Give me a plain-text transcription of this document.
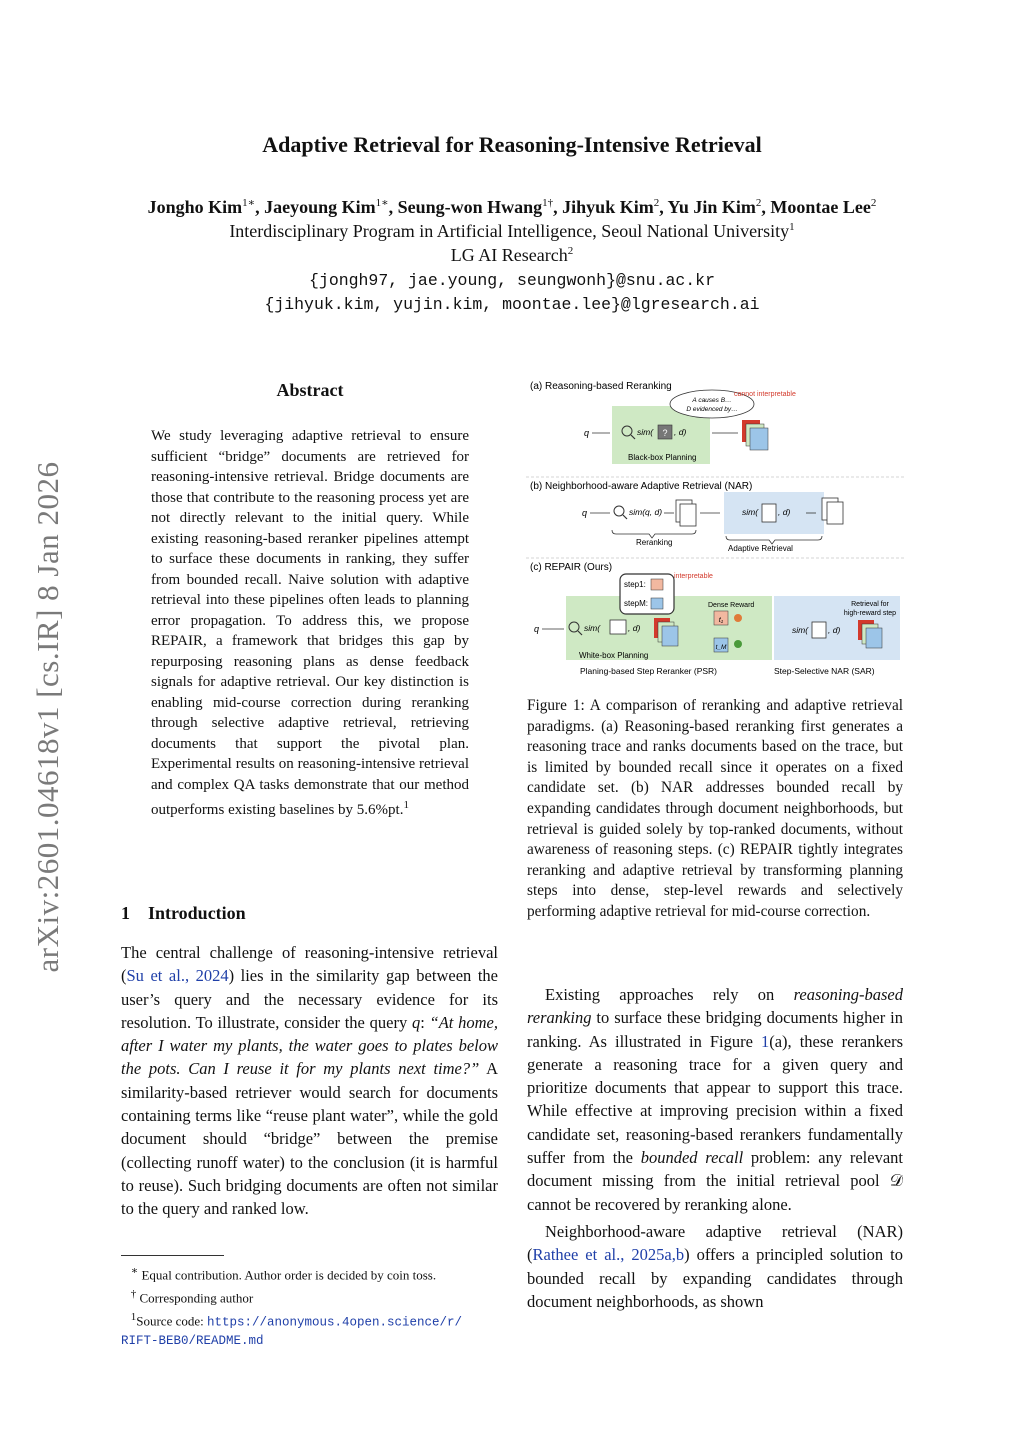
arXiv:2601.04618v1 [cs.IR] 8 Jan 2026
Adaptive Retrieval for Reasoning-Intensive Retrieval
Jongho Kim$^{1∗}$, Jaeyoung Kim$^{1∗}$, Seung-won Hwang$^{1\dagger}$, Jihyuk Kim$^2$, Yu Jin Kim$^2$, Moontae Lee$^2$
Interdisciplinary Program in Artificial Intelligence, Seoul National University$^1$
LG AI Research$^2$
{jongh97, jae.young, seungwonh}@snu.ac.kr
{jihyuk.kim, yujin.kim, moontae.lee}@lgresearch.ai
Abstract
We study leveraging adaptive retrieval to ensure sufficient “bridge” documents are retrieved for reasoning-intensive retrieval. Bridge documents are those that contribute to the reasoning process yet are not directly relevant to the initial query. While existing reasoning-based reranker pipelines attempt to surface these documents in ranking, they suffer from bounded recall. Naive solution with adaptive retrieval into these pipelines often leads to planning error propagation. To address this, we propose REPAIR, a framework that bridges this gap by repurposing reasoning plans as dense feedback signals for adaptive retrieval. Our key distinction is enabling mid-course correction during reranking through selective adaptive retrieval, retrieving documents that support the pivotal plan. Experimental results on reasoning-intensive retrieval and complex QA tasks demonstrate that our method outperforms existing baselines by 5.6%pt.$^1$
1 Introduction
The central challenge of reasoning-intensive retrieval (Su et al., 2024) lies in the similarity gap between the user’s query and the necessary evidence for its resolution. To illustrate, consider the query q: “At home, after I water my plants, the water goes to plates below the pots. Can I reuse it for my plants next time?” A similarity-based retriever would search for documents containing terms like “reuse plant water”, while the gold document should “bridge” between the premise (collecting runoff water) to the conclusion (it is harmful to reuse). Such bridging documents are often not similar to the query and ranked low.
(a) Reasoning-based Reranking
A causes B…
D evidenced by…
cannot interpretable
q	sim( ? , d)
Black-box Planning
(b) Neighborhood-aware Adaptive Retrieval (NAR)
q	sim(q, d)	sim( , d)
Reranking
Adaptive Retrieval
(c) REPAIR (Ours)
step1:
stepM:
interpretable
q	sim(	, d)
Dense Reward
t₁
t_M
Retrieval for
high-reward step
sim( , d)
White-box Planning
Planing-based Step Reranker (PSR)	Step-Selective NAR (SAR)
Figure 1: A comparison of reranking and adaptive retrieval paradigms. (a) Reasoning-based reranking first generates a reasoning trace and ranks documents based on the trace, but is limited by bounded recall since it operates on a fixed candidate set. (b) NAR addresses bounded recall by expanding candidates through document neighborhoods, but retrieval is guided solely by top-ranked documents, without awareness of reasoning steps. (c) REPAIR tightly integrates reranking and adaptive retrieval by transforming planning steps into dense, step-level rewards and selectively performing adaptive retrieval for mid-course correction.

Existing approaches rely on reasoning-based reranking to surface these bridging documents higher in ranking. As illustrated in Figure 1(a), these rerankers generate a reasoning trace for a given query and prioritize documents that appear to support this trace. While effective at improving precision within a fixed candidate set, reasoning-based rerankers fundamentally suffer from the bounded recall problem: any relevant document missing from the initial retrieval pool 𝒟 cannot be recovered by reranking alone.

Neighborhood-aware adaptive retrieval (NAR) (Rathee et al., 2025a,b) offers a principled solution to bounded recall by expanding candidates through document neighborhoods, as shown

∗ Equal contribution. Author order is decided by coin toss.
† Corresponding author
$^1$Source code: https://anonymous.4open.science/r/
RIFT-BEB0/README.md
